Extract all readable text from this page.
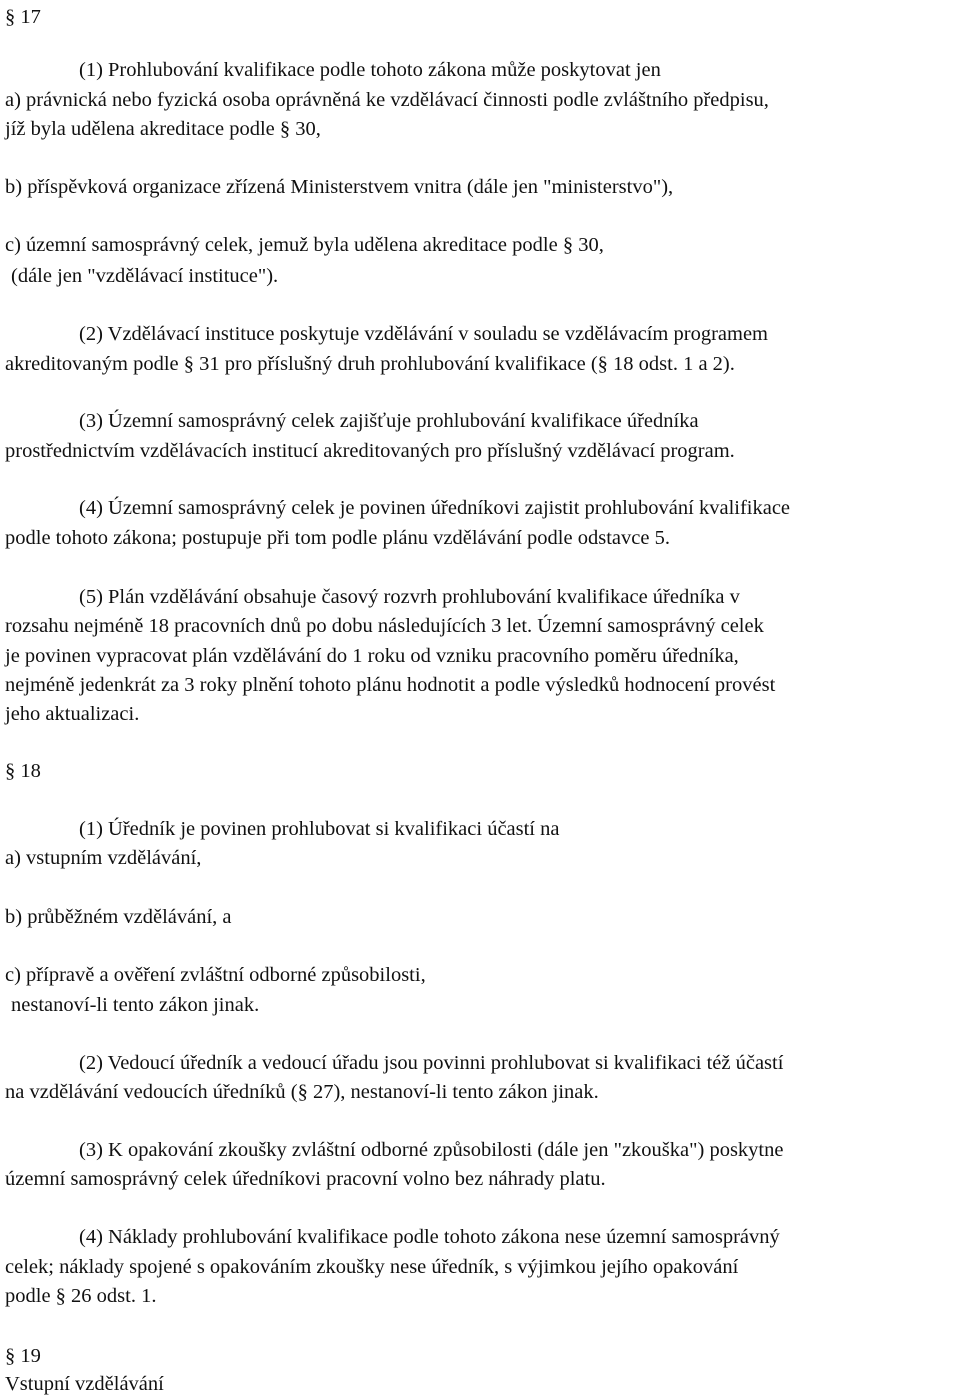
§ 17
(1) Prohlubování kvalifikace podle tohoto zákona může poskytovat jen
a) právnická nebo fyzická osoba oprávněná ke vzdělávací činnosti podle zvláštního předpisu,
jíž byla udělena akreditace podle § 30,
b) příspěvková organizace zřízená Ministerstvem vnitra (dále jen "ministerstvo"),
c) územní samosprávný celek, jemuž byla udělena akreditace podle § 30,
(dále jen "vzdělávací instituce").
(2) Vzdělávací instituce poskytuje vzdělávání v souladu se vzdělávacím programem
akreditovaným podle § 31 pro příslušný druh prohlubování kvalifikace (§ 18 odst. 1 a 2).
(3) Územní samosprávný celek zajišťuje prohlubování kvalifikace úředníka
prostřednictvím vzdělávacích institucí akreditovaných pro příslušný vzdělávací program.
(4) Územní samosprávný celek je povinen úředníkovi zajistit prohlubování kvalifikace
podle tohoto zákona; postupuje při tom podle plánu vzdělávání podle odstavce 5.
(5) Plán vzdělávání obsahuje časový rozvrh prohlubování kvalifikace úředníka v
rozsahu nejméně 18 pracovních dnů po dobu následujících 3 let. Územní samosprávný celek
je povinen vypracovat plán vzdělávání do 1 roku od vzniku pracovního poměru úředníka,
nejméně jedenkrát za 3 roky plnění tohoto plánu hodnotit a podle výsledků hodnocení provést
jeho aktualizaci.
§ 18
(1) Úředník je povinen prohlubovat si kvalifikaci účastí na
a) vstupním vzdělávání,
b) průběžném vzdělávání, a
c) přípravě a ověření zvláštní odborné způsobilosti,
nestanoví-li tento zákon jinak.
(2) Vedoucí úředník a vedoucí úřadu jsou povinni prohlubovat si kvalifikaci též účastí
na vzdělávání vedoucích úředníků (§ 27), nestanoví-li tento zákon jinak.
(3) K opakování zkoušky zvláštní odborné způsobilosti (dále jen "zkouška") poskytne
územní samosprávný celek úředníkovi pracovní volno bez náhrady platu.
(4) Náklady prohlubování kvalifikace podle tohoto zákona nese územní samosprávný
celek; náklady spojené s opakováním zkoušky nese úředník, s výjimkou jejího opakování
podle § 26 odst. 1.
§ 19
Vstupní vzdělávání
